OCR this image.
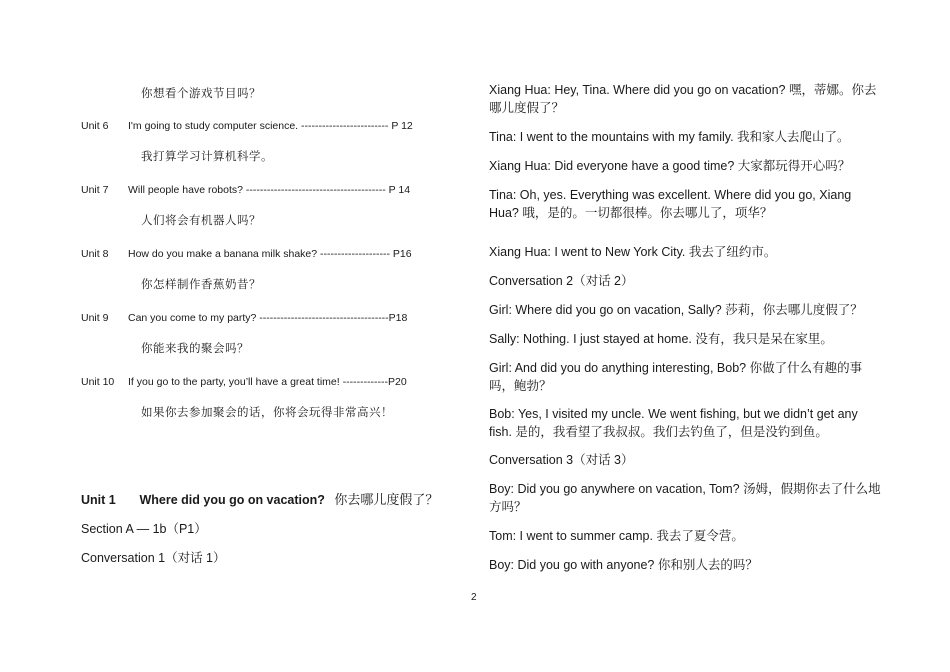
你想看个游戏节目吗？
Unit 6	I'm going to study computer science. ------------------------- P 12
我打算学习计算机科学。
Unit 7	Will people have robots? ---------------------------------------- P 14
人们将会有机器人吗？
Unit 8	How do you make a banana milk shake? -------------------- P16
你怎样制作香蕉奶昔？
Unit 9	Can you come to my party? -------------------------------------P18
你能来我的聚会吗？
Unit 10	If you go to the party, you’ll have a great time! -------------P20
如果你去参加聚会的话，你将会玩得非常高兴！
Unit 1 Where did you go on vacation? 你去哪儿度假了？
Section A — 1b（P1）
Conversation 1（对话 1）
Xiang Hua: Hey, Tina. Where did you go on vacation? 嘿，蒂娜。你去哪儿度假了？
Tina: I went to the mountains with my family. 我和家人去爬山了。
Xiang Hua: Did everyone have a good time? 大家都玩得开心吗？
Tina: Oh, yes. Everything was excellent. Where did you go, Xiang Hua? 哦，是的。一切都很棒。你去哪儿了，项华？
Xiang Hua: I went to New York City. 我去了纽约市。
Conversation 2（对话 2）
Girl: Where did you go on vacation, Sally? 莎莉，你去哪儿度假了？
Sally: Nothing. I just stayed at home. 没有，我只是呆在家里。
Girl: And did you do anything interesting, Bob? 你做了什么有趣的事吗，鲍勃？
Bob: Yes, I visited my uncle. We went fishing, but we didn’t get any fish. 是的，我看望了我叔叔。我们去钓鱼了，但是没钓到鱼。
Conversation 3（对话 3）
Boy: Did you go anywhere on vacation, Tom? 汤姆，假期你去了什么地方吗？
Tom: I went to summer camp. 我去了夏令营。
Boy: Did you go with anyone? 你和别人去的吗？
2
